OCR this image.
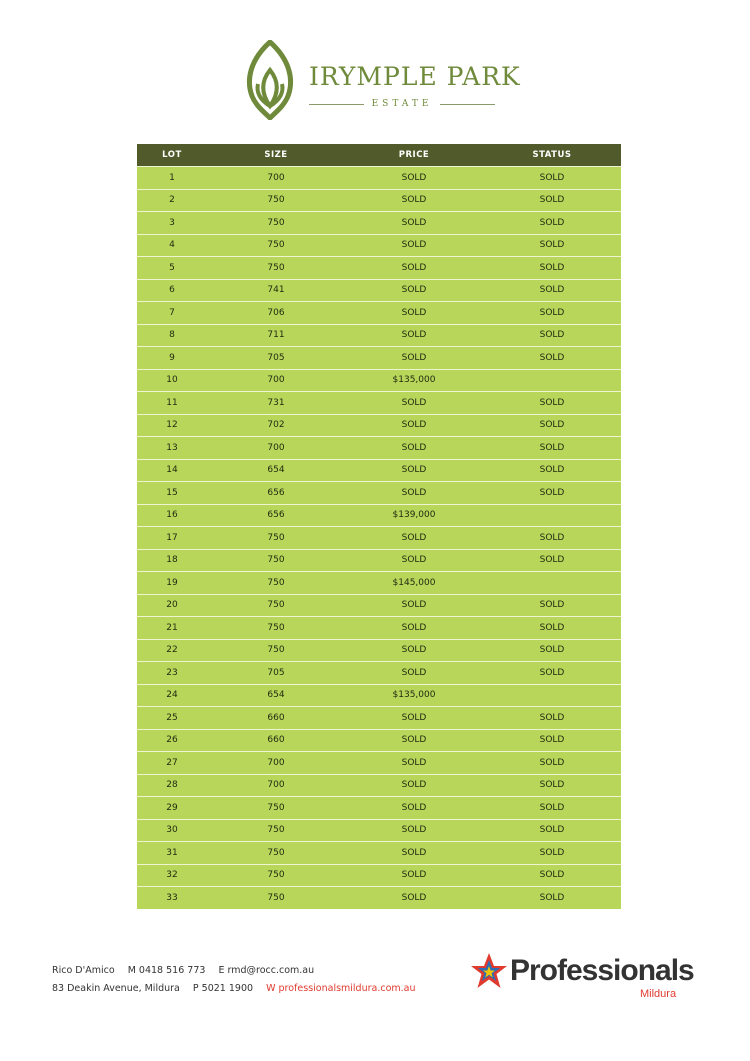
IRYMPLE PARK
ESTATE
LOT	SIZE	PRICE	STATUS
1	700	SOLD	SOLD
2	750	SOLD	SOLD
3	750	SOLD	SOLD
4	750	SOLD	SOLD
5	750	SOLD	SOLD
6	741	SOLD	SOLD
7	706	SOLD	SOLD
8	711	SOLD	SOLD
9	705	SOLD	SOLD
10	700	$135,000
11	731	SOLD	SOLD
12	702	SOLD	SOLD
13	700	SOLD	SOLD
14	654	SOLD	SOLD
15	656	SOLD	SOLD
16	656	$139,000
17	750	SOLD	SOLD
18	750	SOLD	SOLD
19	750	$145,000
20	750	SOLD	SOLD
21	750	SOLD	SOLD
22	750	SOLD	SOLD
23	705	SOLD	SOLD
24	654	$135,000
25	660	SOLD	SOLD
26	660	SOLD	SOLD
27	700	SOLD	SOLD
28	700	SOLD	SOLD
29	750	SOLD	SOLD
30	750	SOLD	SOLD
31	750	SOLD	SOLD
32	750	SOLD	SOLD
33	750	SOLD	SOLD
Rico D'Amico M 0418 516 773 E rmd@rocc.com.au
83 Deakin Avenue, Mildura P 5021 1900 W professionalsmildura.com.au
Professionals
Mildura
